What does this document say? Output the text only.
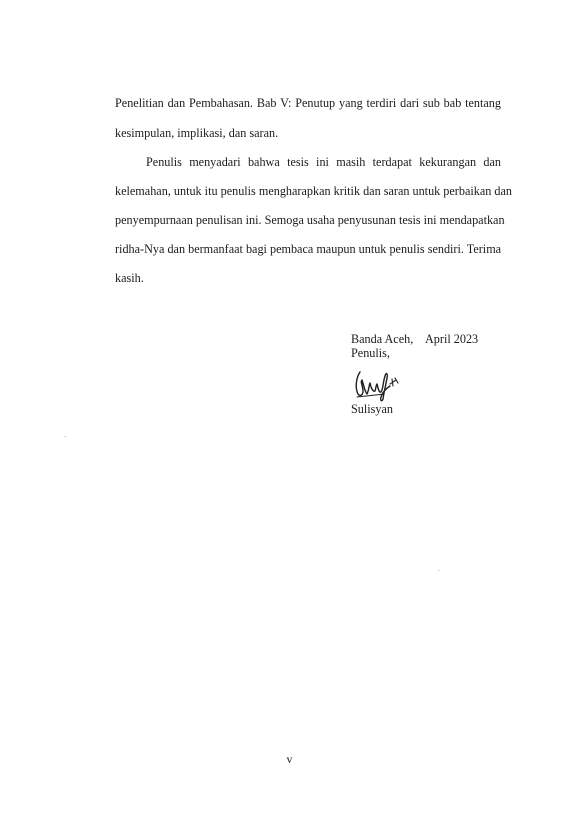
Penelitian dan Pembahasan. Bab V: Penutup yang terdiri dari sub bab tentang
kesimpulan, implikasi, dan saran.
Penulis menyadari bahwa tesis ini masih terdapat kekurangan dan
kelemahan, untuk itu penulis mengharapkan kritik dan saran untuk perbaikan dan
penyempurnaan penulisan ini. Semoga usaha penyusunan tesis ini mendapatkan
ridha-Nya dan bermanfaat bagi pembaca maupun untuk penulis sendiri. Terima
kasih.
Banda Aceh, April 2023
Penulis,
Sulisyan
v
